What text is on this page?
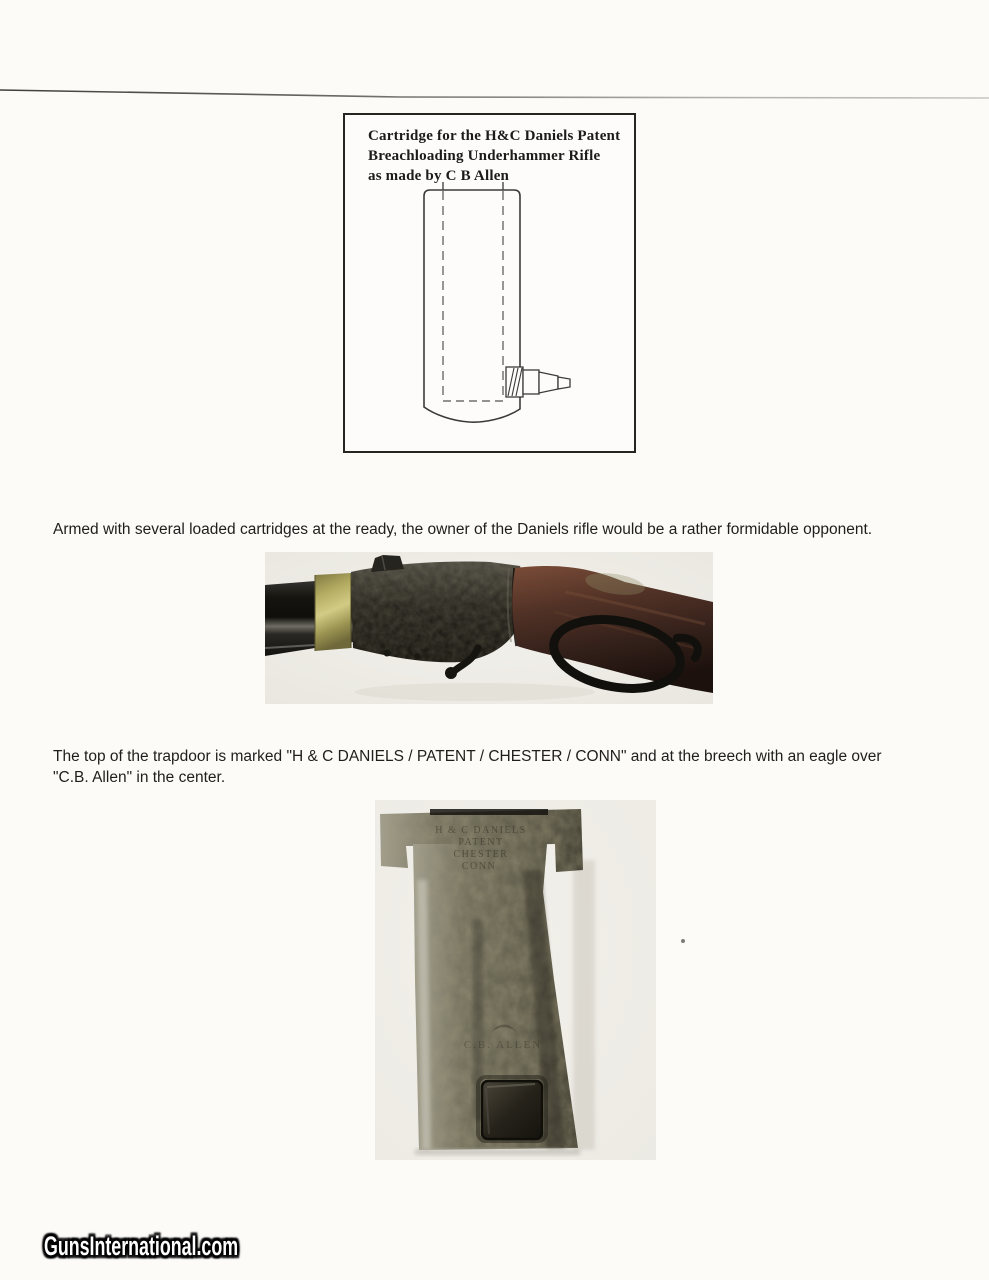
Cartridge for the H&C Daniels Patent
Breachloading Underhammer Rifle
as made by C B Allen

Armed with several loaded cartridges at the ready, the owner of the Daniels rifle would be a rather formidable opponent.

The top of the trapdoor is marked "H & C DANIELS / PATENT / CHESTER / CONN" and at the breech with an eagle over
"C.B. Allen" in the center.
H & C DANIELS
PATENT
CHESTER
CONN
C.B. ALLEN
GunsInternational.com
